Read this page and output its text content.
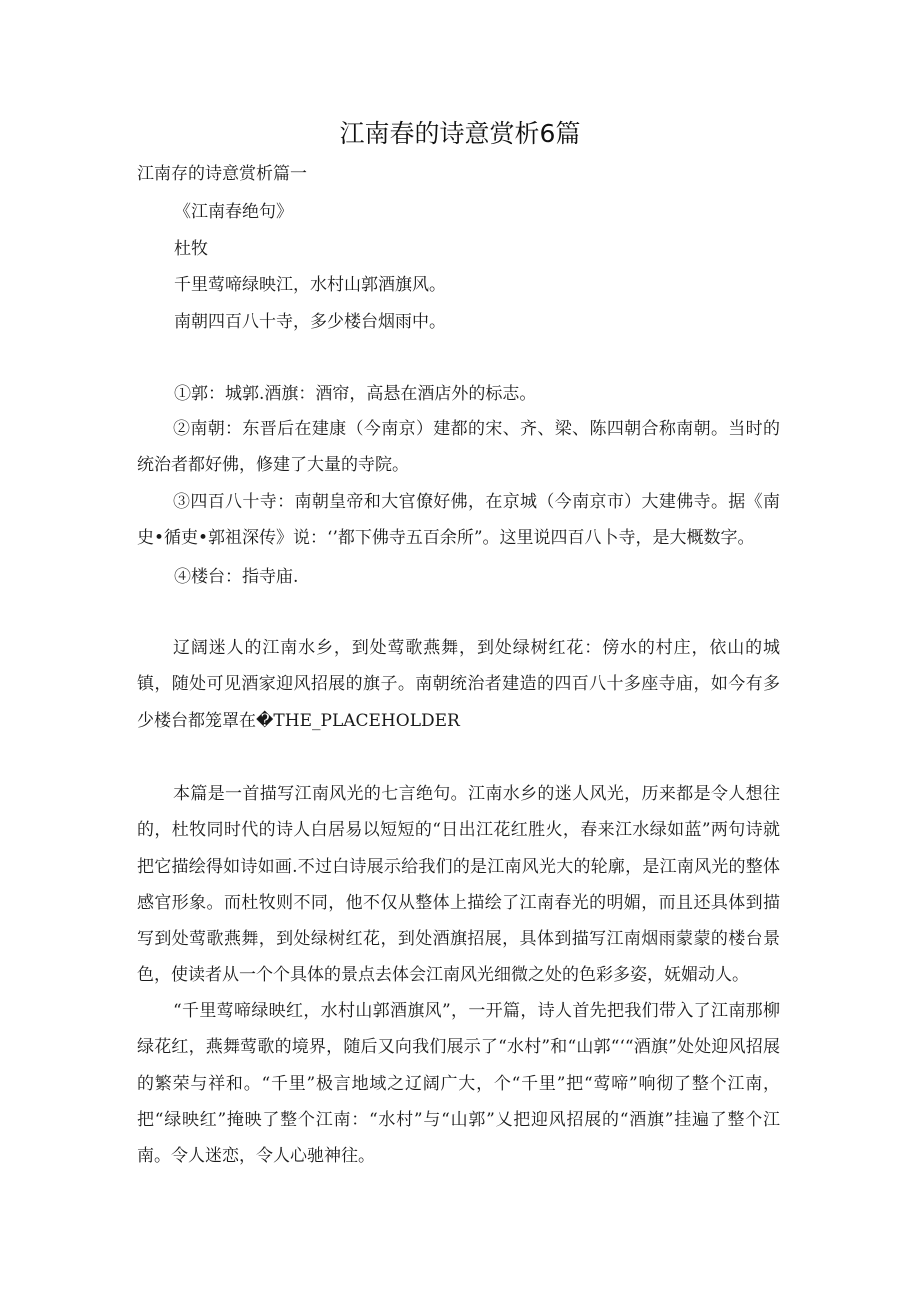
江南春的诗意赏析6篇
江南存的诗意赏析篇一
《江南春绝句》
杜牧
千里莺啼绿映江，水村山郭酒旗风。
南朝四百八十寺，多少楼台烟雨中。
①郭：城郭.酒旗：酒帘，高悬在酒店外的标志。
②南朝：东晋后在建康（今南京）建都的宋、齐、梁、陈四朝合称南朝。当时的统治者都好佛，修建了大量的寺院。
③四百八十寺：南朝皇帝和大官僚好佛，在京城（今南京市）大建佛寺。据《南史•循吏•郭祖深传》说：‘’都下佛寺五百余所”。这里说四百八卜寺，是大概数字。
④楼台：指寺庙.
辽阔迷人的江南水乡，到处莺歌燕舞，到处绿树红花：傍水的村庄，依山的城镇，随处可见酒家迎风招展的旗子。南朝统治者建造的四百八十多座寺庙，如今有多少楼台都笼罩在�THE_PLACEHOLDER
本篇是一首描写江南风光的七言绝句。江南水乡的迷人风光，历来都是令人想往的，杜牧同时代的诗人白居易以短短的“日出江花红胜火，春来江水绿如蓝”两句诗就把它描绘得如诗如画.不过白诗展示给我们的是江南风光大的轮廓，是江南风光的整体感官形象。而杜牧则不同，他不仅从整体上描绘了江南春光的明媚，而且还具体到描写到处莺歌燕舞，到处绿树红花，到处酒旗招展，具体到描写江南烟雨蒙蒙的楼台景色，使读者从一个个具体的景点去体会江南风光细微之处的色彩多姿，妩媚动人。
“千里莺啼绿映红，水村山郭酒旗风”，一开篇，诗人首先把我们带入了江南那柳绿花红，燕舞莺歌的境界，随后又向我们展示了“水村”和“山郭“‘“酒旗”处处迎风招展的繁荣与祥和。“千里”极言地域之辽阔广大，个“千里”把“莺啼”响彻了整个江南，把“绿映红”掩映了整个江南：“水村”与“山郭”乂把迎风招展的“酒旗”挂遍了整个江南。令人迷恋，令人心驰神往。
